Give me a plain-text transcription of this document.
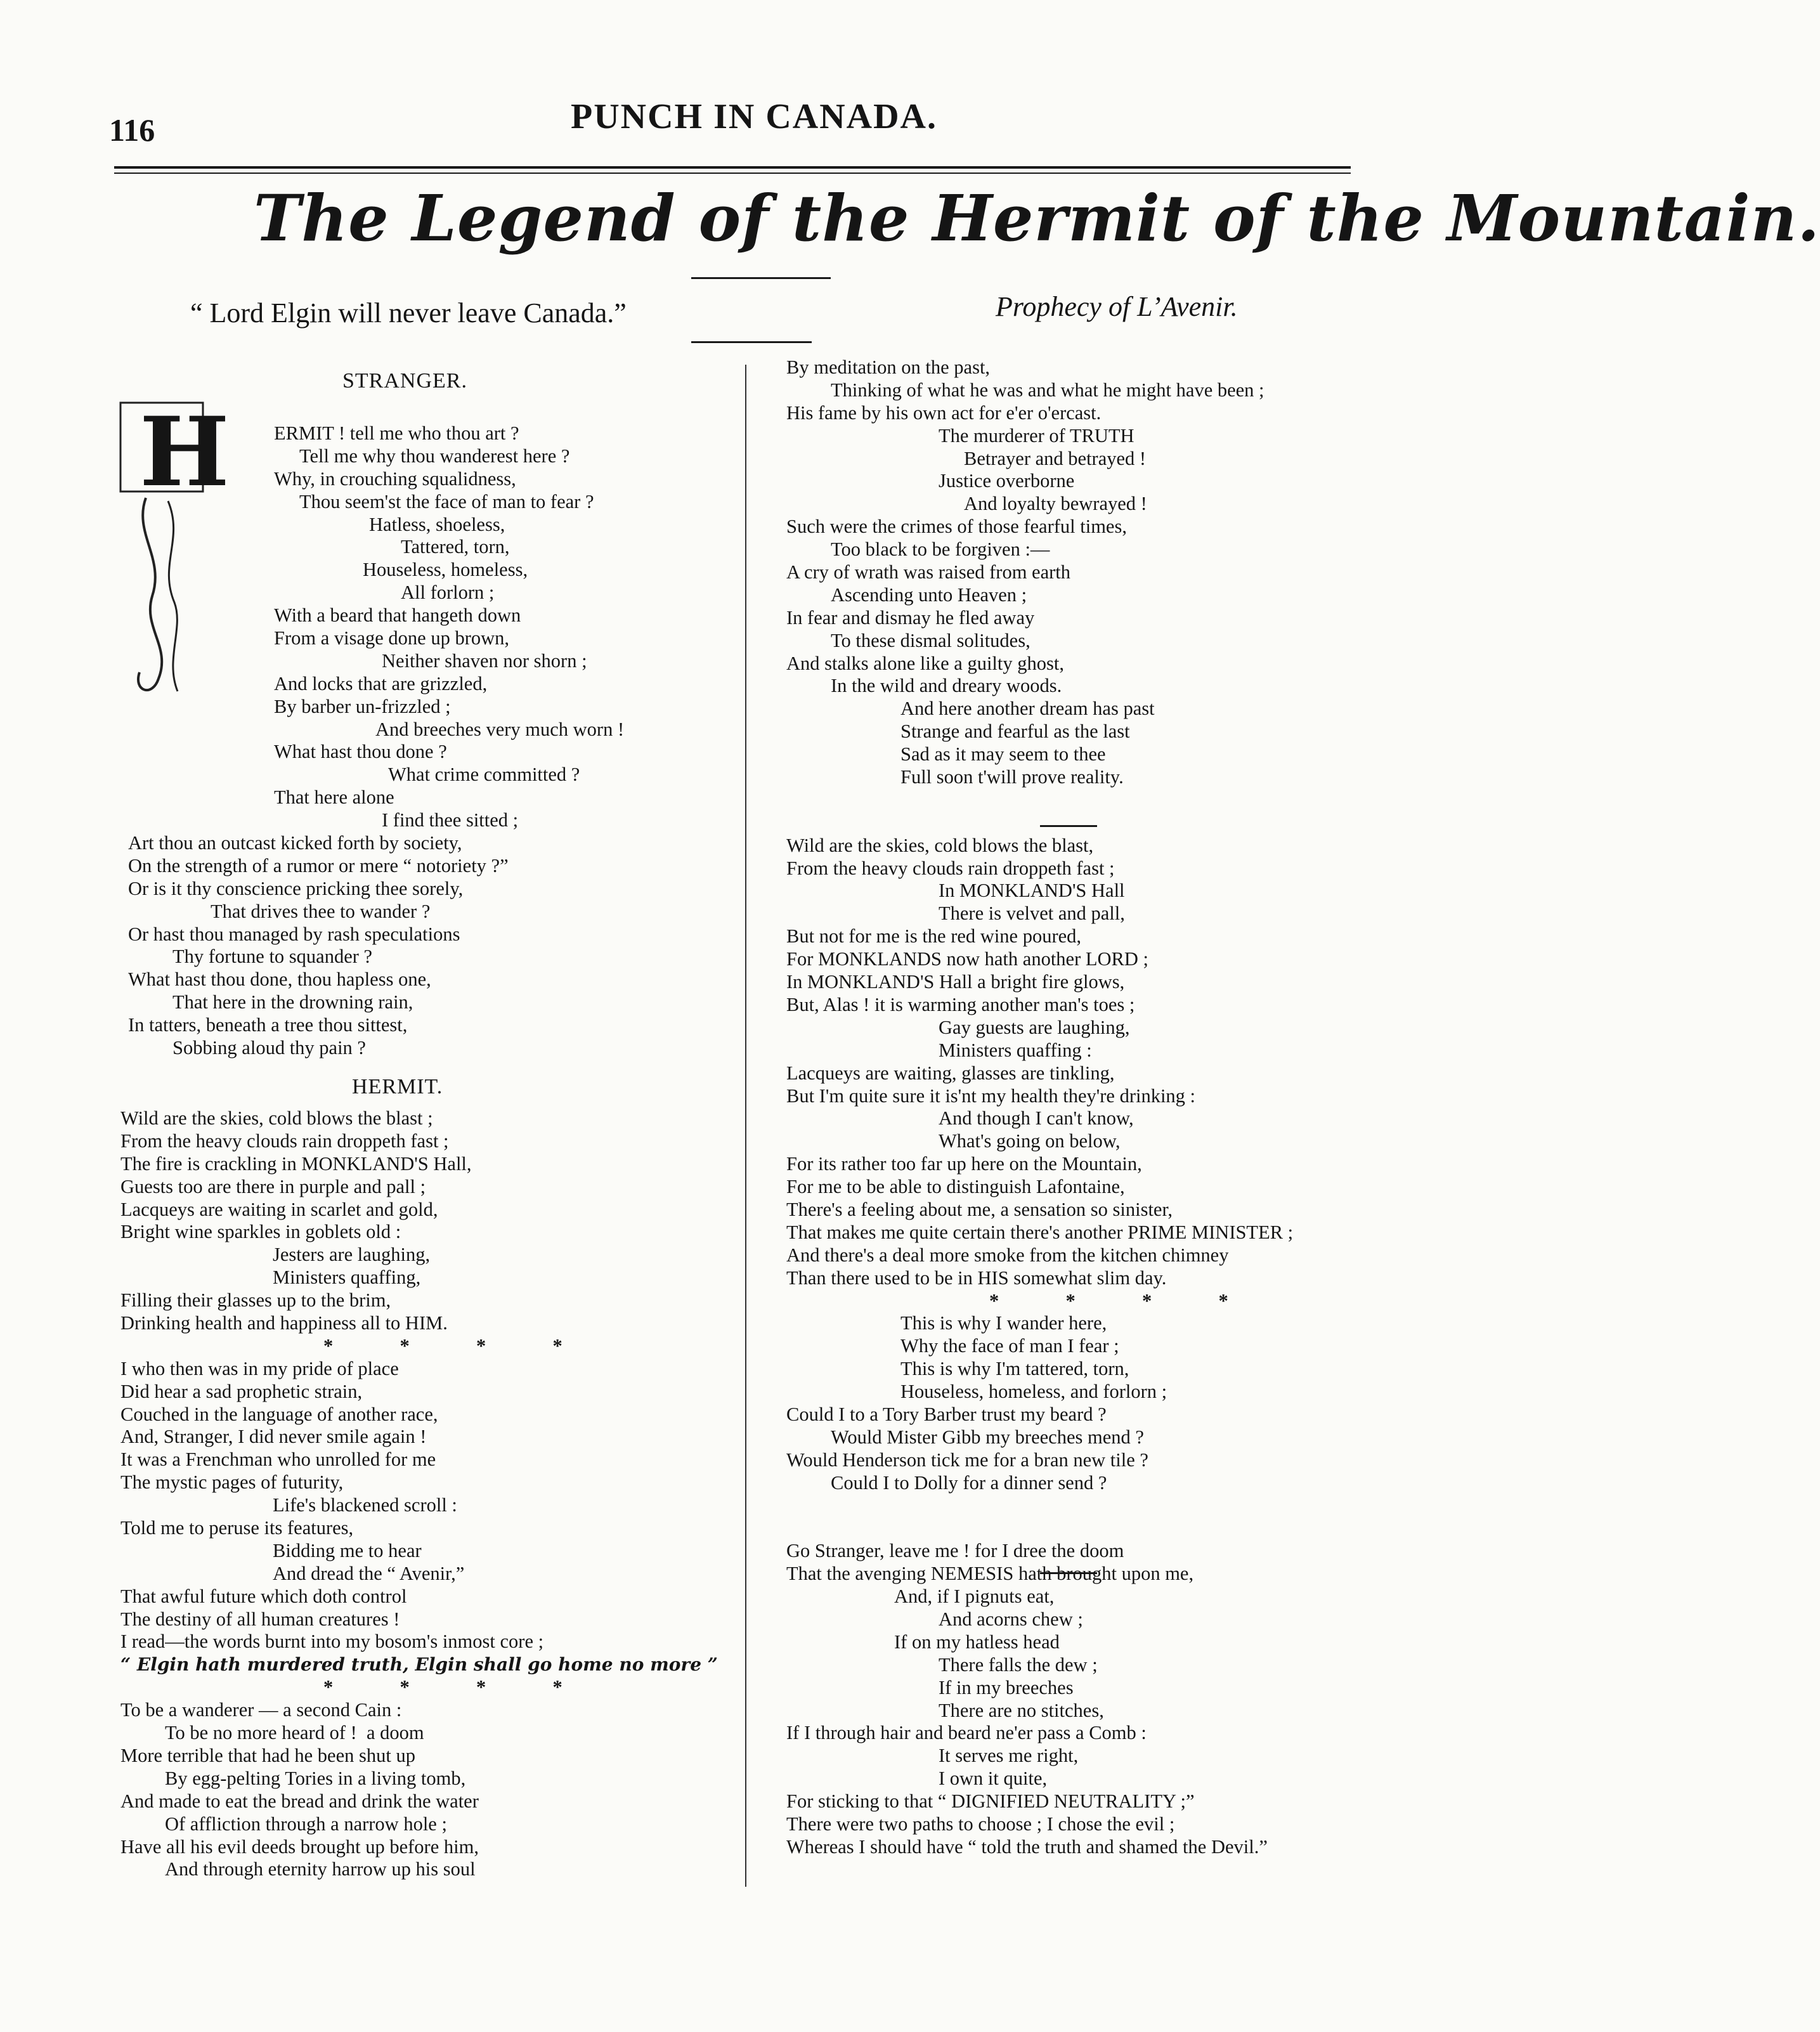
116	PUNCH IN CANADA.
The Legend of the Hermit of the Mountain.
“ Lord Elgin will never leave Canada.”	Prophecy of L’Avenir.
STRANGER.
H ERMIT ! tell me who thou art ?
Tell me why thou wanderest here ?
Why, in crouching squalidness,
Thou seem'st the face of man to fear ?
Hatless, shoeless,
Tattered, torn,
Houseless, homeless,
All forlorn ;
With a beard that hangeth down
From a visage done up brown,
Neither shaven nor shorn ;
And locks that are grizzled,
By barber un-frizzled ;
And breeches very much worn !
What hast thou done ?
What crime committed ?
That here alone
I find thee sitted ;
Art thou an outcast kicked forth by society,
On the strength of a rumor or mere “ notoriety ?”
Or is it thy conscience pricking thee sorely,
That drives thee to wander ?
Or hast thou managed by rash speculations
Thy fortune to squander ?
What hast thou done, thou hapless one,
That here in the drowning rain,
In tatters, beneath a tree thou sittest,
Sobbing aloud thy pain ?
HERMIT.
Wild are the skies, cold blows the blast ;
From the heavy clouds rain droppeth fast ;
The fire is crackling in MONKLAND'S Hall,
Guests too are there in purple and pall ;
Lacqueys are waiting in scarlet and gold,
Bright wine sparkles in goblets old :
Jesters are laughing,
Ministers quaffing,
Filling their glasses up to the brim,
Drinking health and happiness all to HIM.
*  *  *  *
I who then was in my pride of place
Did hear a sad prophetic strain,
Couched in the language of another race,
And, Stranger, I did never smile again !
It was a Frenchman who unrolled for me
The mystic pages of futurity,
Life's blackened scroll :
Told me to peruse its features,
Bidding me to hear
And dread the “ Avenir,”
That awful future which doth control
The destiny of all human creatures !
I read—the words burnt into my bosom's inmost core ;
“ Elgin hath murdered truth, Elgin shall go home no more ”
*  *  *  *
To be a wanderer — a second Cain :
To be no more heard of !  a doom
More terrible that had he been shut up
By egg-pelting Tories in a living tomb,
And made to eat the bread and drink the water
Of affliction through a narrow hole ;
Have all his evil deeds brought up before him,
And through eternity harrow up his soul
By meditation on the past,
Thinking of what he was and what he might have been ;
His fame by his own act for e'er o'ercast.
The murderer of TRUTH
Betrayer and betrayed !
Justice overborne
And loyalty bewrayed !
Such were the crimes of those fearful times,
Too black to be forgiven :—
A cry of wrath was raised from earth
Ascending unto Heaven ;
In fear and dismay he fled away
To these dismal solitudes,
And stalks alone like a guilty ghost,
In the wild and dreary woods.
And here another dream has past
Strange and fearful as the last
Sad as it may seem to thee
Full soon t'will prove reality.
Wild are the skies, cold blows the blast,
From the heavy clouds rain droppeth fast ;
In MONKLAND'S Hall
There is velvet and pall,
But not for me is the red wine poured,
For MONKLANDS now hath another LORD ;
In MONKLAND'S Hall a bright fire glows,
But, Alas ! it is warming another man's toes ;
Gay guests are laughing,
Ministers quaffing :
Lacqueys are waiting, glasses are tinkling,
But I'm quite sure it is'nt my health they're drinking :
And though I can't know,
What's going on below,
For its rather too far up here on the Mountain,
For me to be able to distinguish Lafontaine,
There's a feeling about me, a sensation so sinister,
That makes me quite certain there's another PRIME MINISTER ;
And there's a deal more smoke from the kitchen chimney
Than there used to be in HIS somewhat slim day.
*  *  *  *
This is why I wander here,
Why the face of man I fear ;
This is why I'm tattered, torn,
Houseless, homeless, and forlorn ;
Could I to a Tory Barber trust my beard ?
Would Mister Gibb my breeches mend ?
Would Henderson tick me for a bran new tile ?
Could I to Dolly for a dinner send ?
Go Stranger, leave me ! for I dree the doom
That the avenging NEMESIS hath brought upon me,
And, if I pignuts eat,
And acorns chew ;
If on my hatless head
There falls the dew ;
If in my breeches
There are no stitches,
If I through hair and beard ne'er pass a Comb :
It serves me right,
I own it quite,
For sticking to that “ DIGNIFIED NEUTRALITY ;”
There were two paths to choose ; I chose the evil ;
Whereas I should have “ told the truth and shamed the Devil.”
